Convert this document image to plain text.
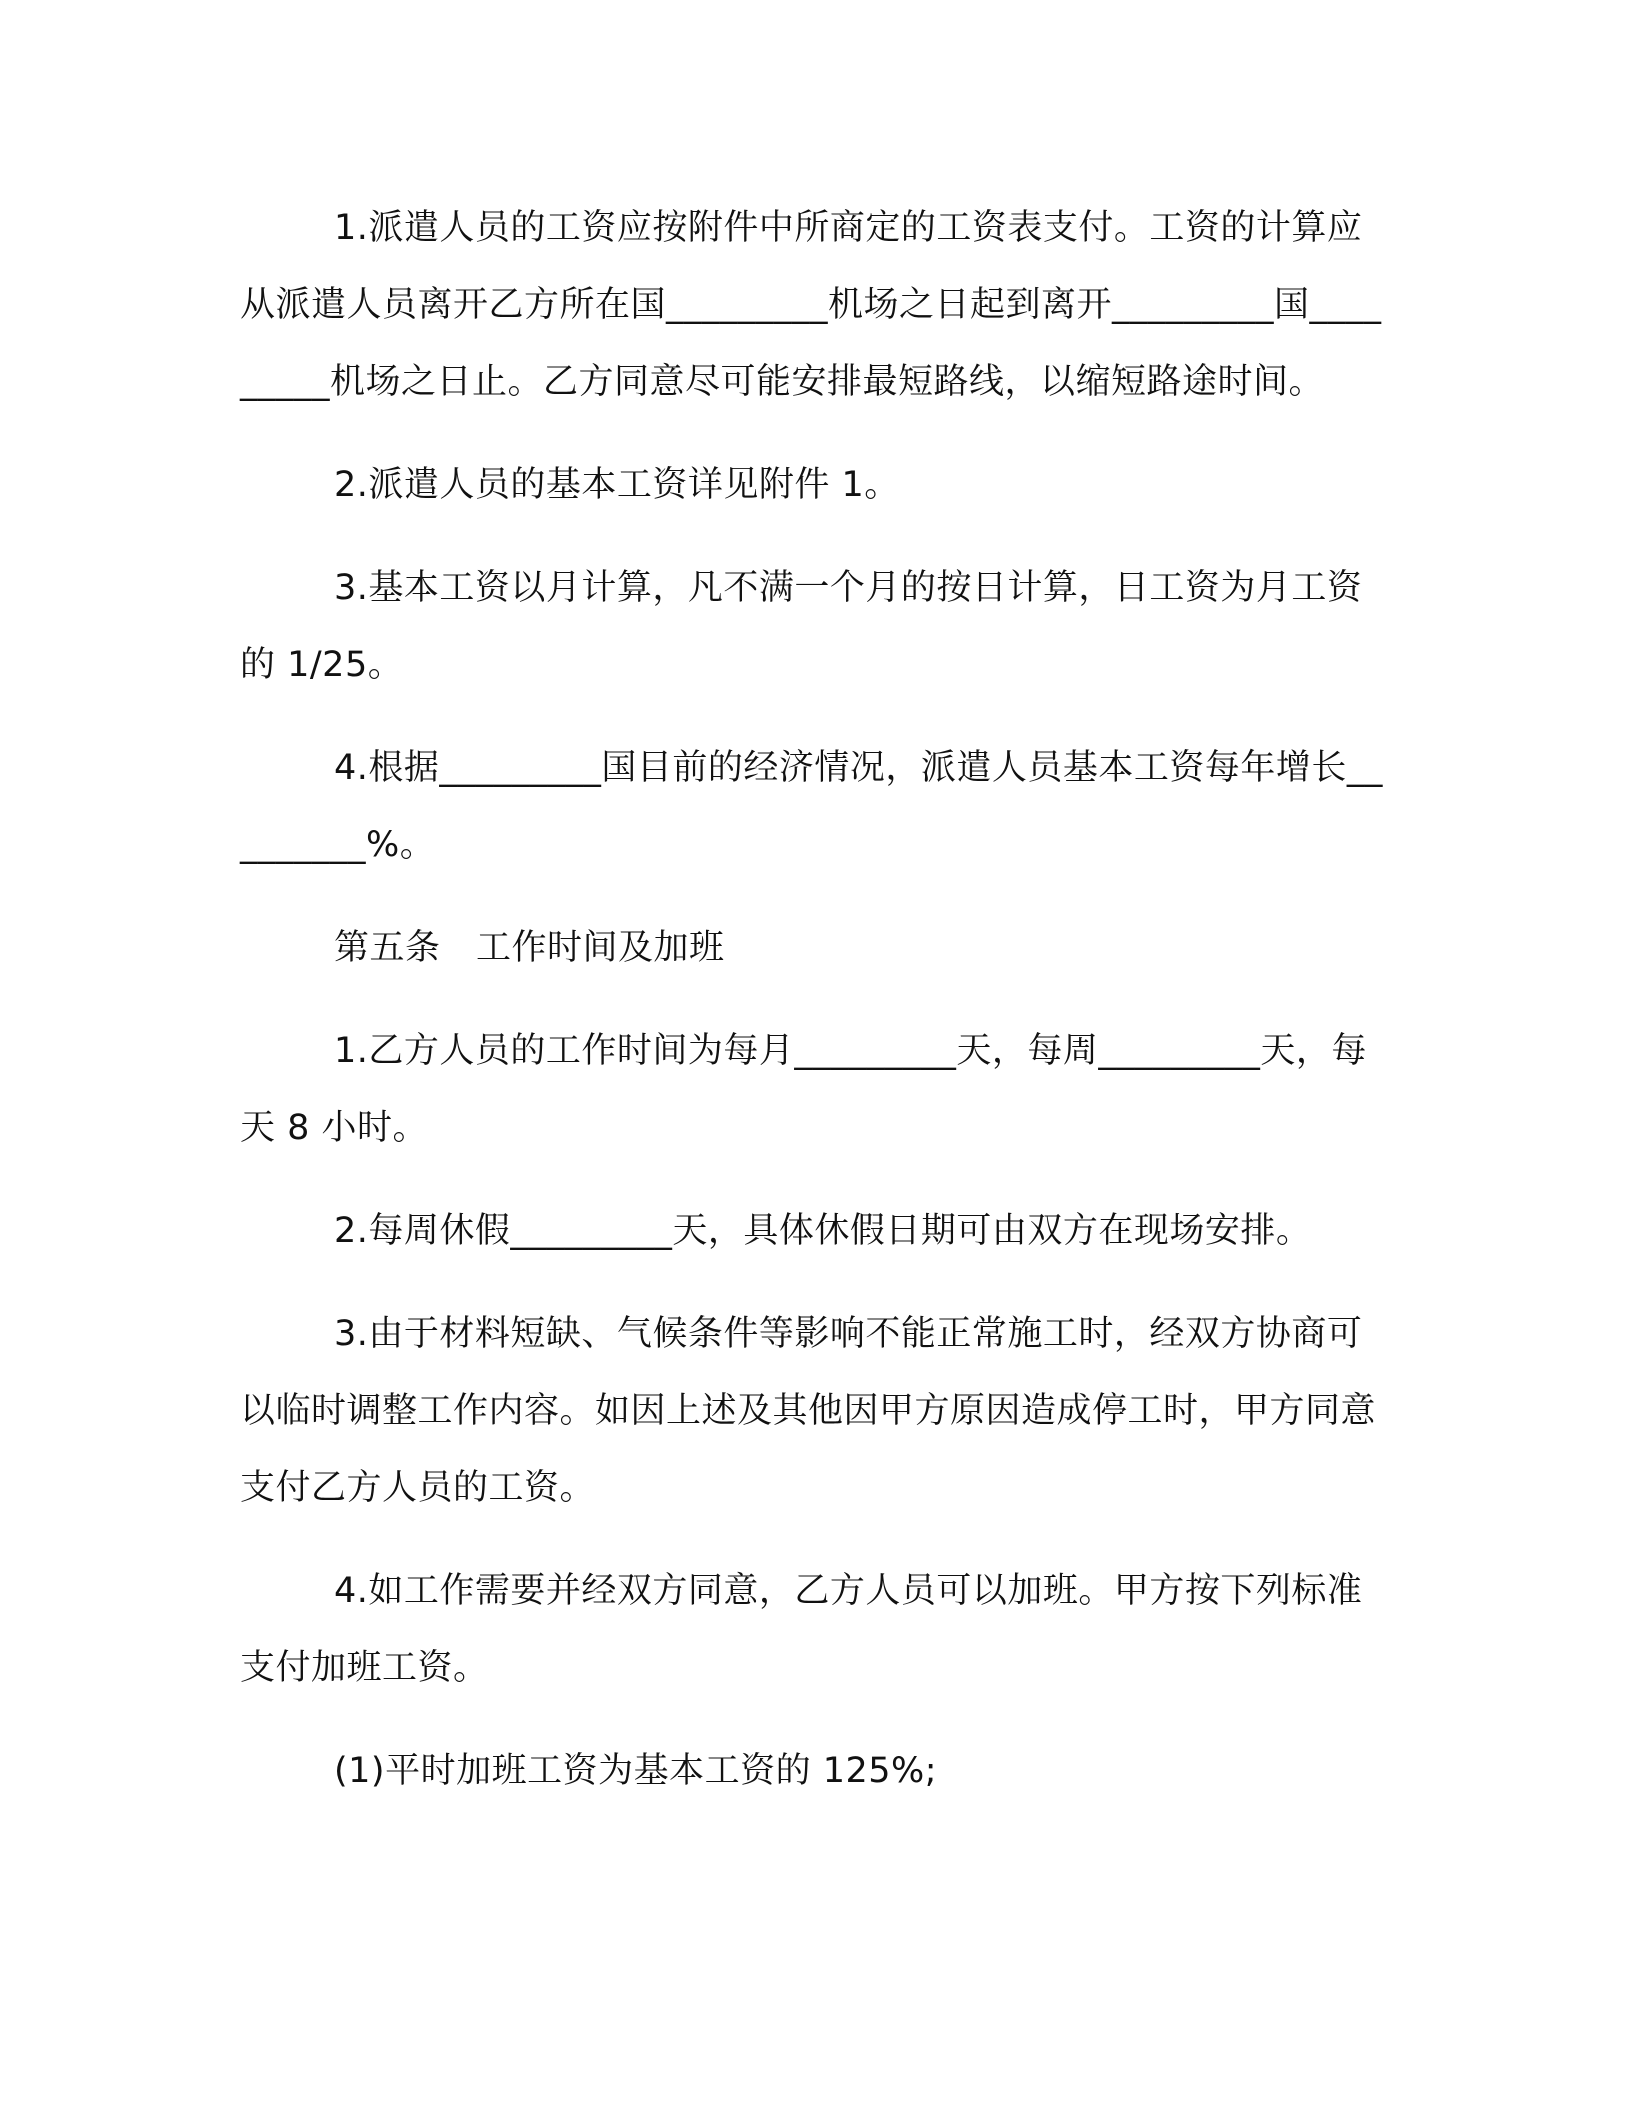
1.派遣人员的工资应按附件中所商定的工资表支付。工资的计算应从派遣人员离开乙方所在国_________机场之日起到离开_________国_________机场之日止。乙方同意尽可能安排最短路线，以缩短路途时间。

2.派遣人员的基本工资详见附件 1。

3.基本工资以月计算，凡不满一个月的按日计算，日工资为月工资的 1/25。

4.根据_________国目前的经济情况，派遣人员基本工资每年增长_________%。

第五条　工作时间及加班

1.乙方人员的工作时间为每月_________天，每周_________天，每天 8 小时。

2.每周休假_________天，具体休假日期可由双方在现场安排。

3.由于材料短缺、气候条件等影响不能正常施工时，经双方协商可以临时调整工作内容。如因上述及其他因甲方原因造成停工时，甲方同意支付乙方人员的工资。

4.如工作需要并经双方同意，乙方人员可以加班。甲方按下列标准支付加班工资。

(1)平时加班工资为基本工资的 125%;
